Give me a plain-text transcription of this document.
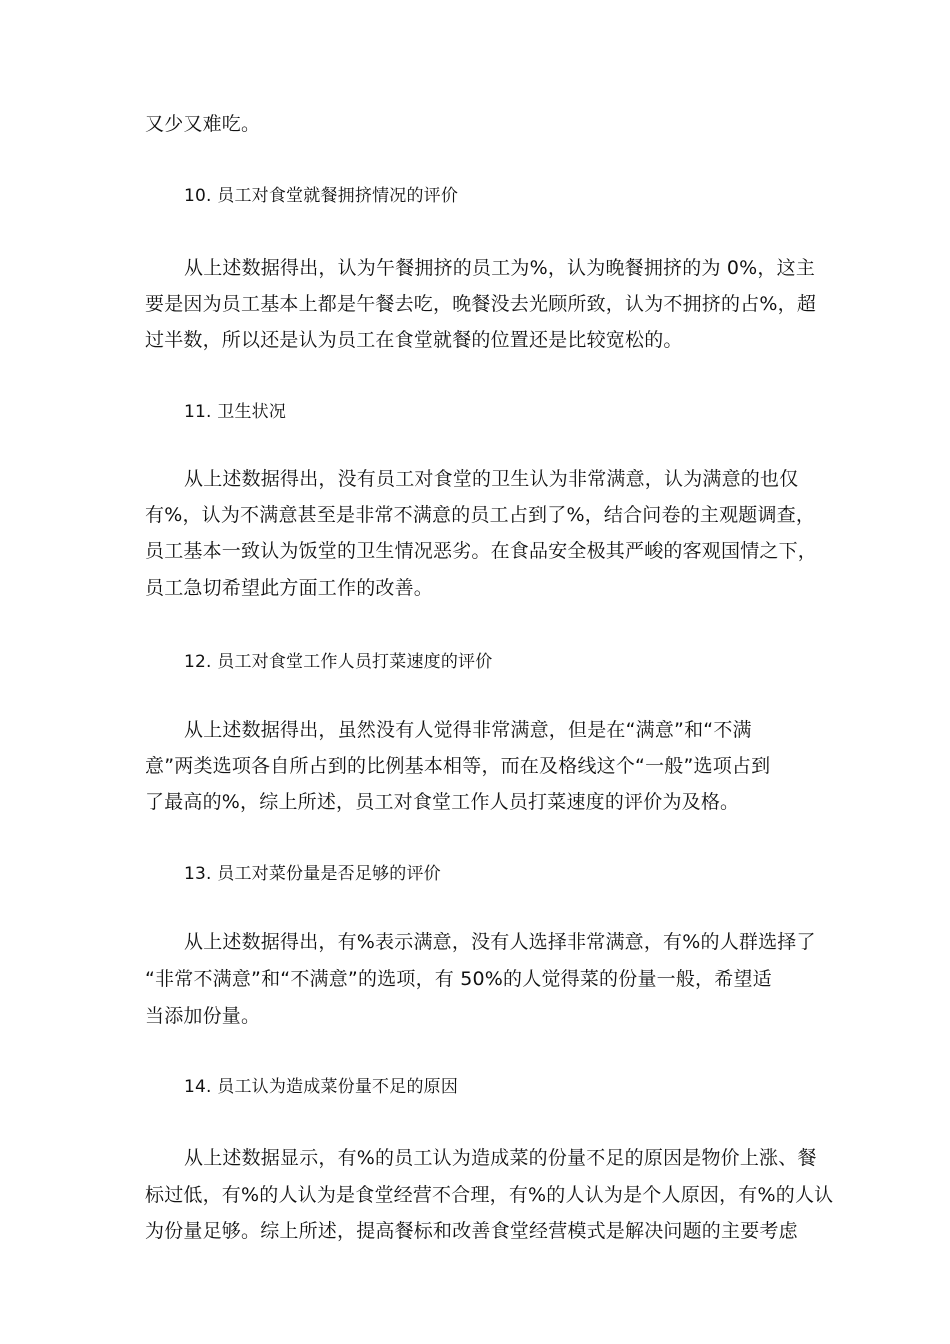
又少又难吃。
10. 员工对食堂就餐拥挤情况的评价
从上述数据得出，认为午餐拥挤的员工为%，认为晚餐拥挤的为 0%，这主
要是因为员工基本上都是午餐去吃，晚餐没去光顾所致，认为不拥挤的占%，超
过半数，所以还是认为员工在食堂就餐的位置还是比较宽松的。
11. 卫生状况
从上述数据得出，没有员工对食堂的卫生认为非常满意，认为满意的也仅
有%，认为不满意甚至是非常不满意的员工占到了%，结合问卷的主观题调查，
员工基本一致认为饭堂的卫生情况恶劣。在食品安全极其严峻的客观国情之下，
员工急切希望此方面工作的改善。
12. 员工对食堂工作人员打菜速度的评价
从上述数据得出，虽然没有人觉得非常满意，但是在“满意”和“不满
意”两类选项各自所占到的比例基本相等，而在及格线这个“一般”选项占到
了最高的%，综上所述，员工对食堂工作人员打菜速度的评价为及格。
13. 员工对菜份量是否足够的评价
从上述数据得出，有%表示满意，没有人选择非常满意，有%的人群选择了
“非常不满意”和“不满意”的选项，有 50%的人觉得菜的份量一般，希望适
当添加份量。
14. 员工认为造成菜份量不足的原因
从上述数据显示，有%的员工认为造成菜的份量不足的原因是物价上涨、餐
标过低，有%的人认为是食堂经营不合理，有%的人认为是个人原因，有%的人认
为份量足够。综上所述，提高餐标和改善食堂经营模式是解决问题的主要考虑
